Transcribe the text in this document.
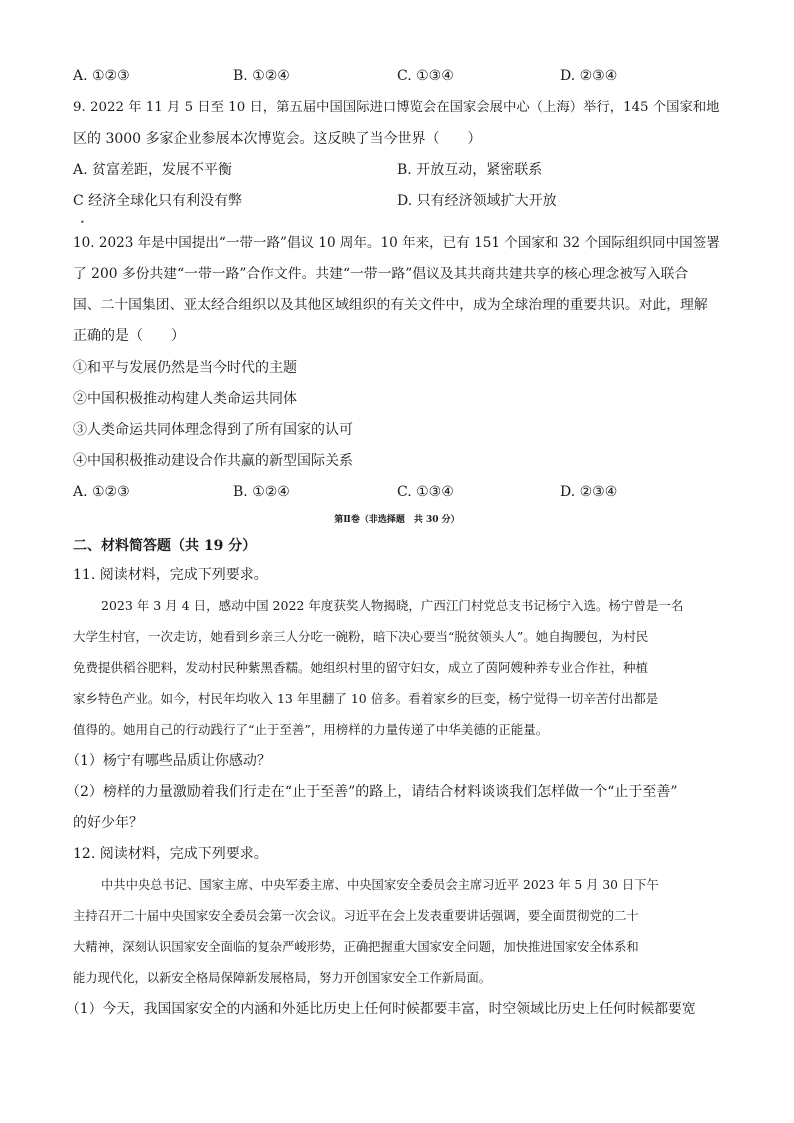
A. ①②③	B. ①②④	C. ①③④	D. ②③④
9. 2022 年 11 月 5 日至 10 日，第五届中国国际进口博览会在国家会展中心（上海）举行，145 个国家和地
区的 3000 多家企业参展本次博览会。这反映了当今世界（　　）
A. 贫富差距，发展不平衡	B. 开放互动，紧密联系
C 经济全球化只有利没有弊	D. 只有经济领域扩大开放
•
10. 2023 年是中国提出“一带一路”倡议 10 周年。10 年来，已有 151 个国家和 32 个国际组织同中国签署
了 200 多份共建“一带一路”合作文件。共建“一带一路”倡议及其共商共建共享的核心理念被写入联合
国、二十国集团、亚太经合组织以及其他区域组织的有关文件中，成为全球治理的重要共识。对此，理解
正确的是（　　）
①和平与发展仍然是当今时代的主题
②中国积极推动构建人类命运共同体
③人类命运共同体理念得到了所有国家的认可
④中国积极推动建设合作共赢的新型国际关系
A. ①②③	B. ①②④	C. ①③④	D. ②③④
第Ⅱ卷（非选择题　共 30 分）
二、材料简答题（共 19 分）
11. 阅读材料，完成下列要求。
2023 年 3 月 4 日，感动中国 2022 年度获奖人物揭晓，广西江门村党总支书记杨宁入选。杨宁曾是一名
大学生村官，一次走访，她看到乡亲三人分吃一碗粉，暗下决心要当“脱贫领头人”。她自掏腰包，为村民
免费提供稻谷肥料，发动村民种紫黑香糯。她组织村里的留守妇女，成立了茵阿嫂种养专业合作社，种植
家乡特色产业。如今，村民年均收入 13 年里翻了 10 倍多。看着家乡的巨变，杨宁觉得一切辛苦付出都是
值得的。她用自己的行动践行了“止于至善”，用榜样的力量传递了中华美德的正能量。
（1）杨宁有哪些品质让你感动？
（2）榜样的力量激励着我们行走在“止于至善”的路上，请结合材料谈谈我们怎样做一个“止于至善”
的好少年？
12. 阅读材料，完成下列要求。
中共中央总书记、国家主席、中央军委主席、中央国家安全委员会主席习近平 2023 年 5 月 30 日下午
主持召开二十届中央国家安全委员会第一次会议。习近平在会上发表重要讲话强调，要全面贯彻党的二十
大精神，深刻认识国家安全面临的复杂严峻形势，正确把握重大国家安全问题，加快推进国家安全体系和
能力现代化，以新安全格局保障新发展格局，努力开创国家安全工作新局面。
（1）今天，我国国家安全的内涵和外延比历史上任何时候都要丰富，时空领域比历史上任何时候都要宽
